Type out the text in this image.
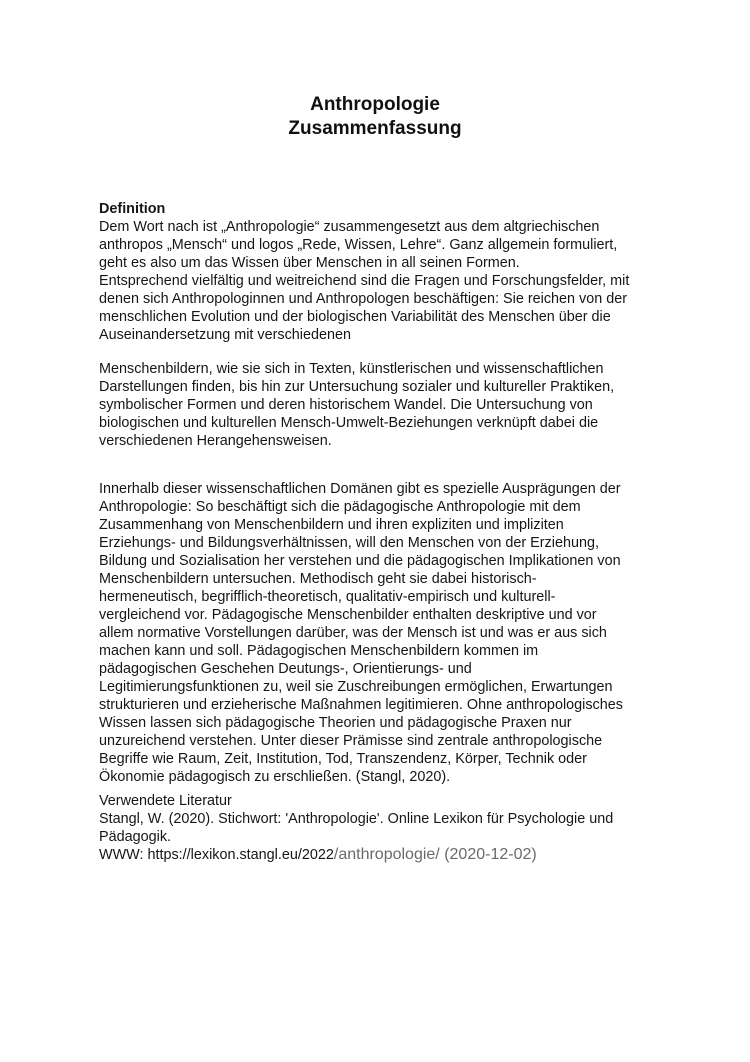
Anthropologie
Zusammenfassung
Definition
Dem Wort nach ist „Anthropologie“ zusammengesetzt aus dem altgriechischen
anthropos „Mensch“ und logos „Rede, Wissen, Lehre“. Ganz allgemein formuliert,
geht es also um das Wissen über Menschen in all seinen Formen.
Entsprechend vielfältig und weitreichend sind die Fragen und Forschungsfelder, mit
denen sich Anthropologinnen und Anthropologen beschäftigen: Sie reichen von der
menschlichen Evolution und der biologischen Variabilität des Menschen über die
Auseinandersetzung mit verschiedenen
Menschenbildern, wie sie sich in Texten, künstlerischen und wissenschaftlichen
Darstellungen finden, bis hin zur Untersuchung sozialer und kultureller Praktiken,
symbolischer Formen und deren historischem Wandel. Die Untersuchung von
biologischen und kulturellen Mensch-Umwelt-Beziehungen verknüpft dabei die
verschiedenen Herangehensweisen.
Innerhalb dieser wissenschaftlichen Domänen gibt es spezielle Ausprägungen der
Anthropologie: So beschäftigt sich die pädagogische Anthropologie mit dem
Zusammenhang von Menschenbildern und ihren expliziten und impliziten
Erziehungs- und Bildungsverhältnissen, will den Menschen von der Erziehung,
Bildung und Sozialisation her verstehen und die pädagogischen Implikationen von
Menschenbildern untersuchen. Methodisch geht sie dabei historisch-
hermeneutisch, begrifflich-theoretisch, qualitativ-empirisch und kulturell-
vergleichend vor. Pädagogische Menschenbilder enthalten deskriptive und vor
allem normative Vorstellungen darüber, was der Mensch ist und was er aus sich
machen kann und soll. Pädagogischen Menschenbildern kommen im
pädagogischen Geschehen Deutungs-, Orientierungs- und
Legitimierungsfunktionen zu, weil sie Zuschreibungen ermöglichen, Erwartungen
strukturieren und erzieherische Maßnahmen legitimieren. Ohne anthropologisches
Wissen lassen sich pädagogische Theorien und pädagogische Praxen nur
unzureichend verstehen. Unter dieser Prämisse sind zentrale anthropologische
Begriffe wie Raum, Zeit, Institution, Tod, Transzendenz, Körper, Technik oder
Ökonomie pädagogisch zu erschließen. (Stangl, 2020).
Verwendete Literatur
Stangl, W. (2020). Stichwort: 'Anthropologie'. Online Lexikon für Psychologie und
Pädagogik.
WWW: https://lexikon.stangl.eu/2022/anthropologie/ (2020-12-02)
